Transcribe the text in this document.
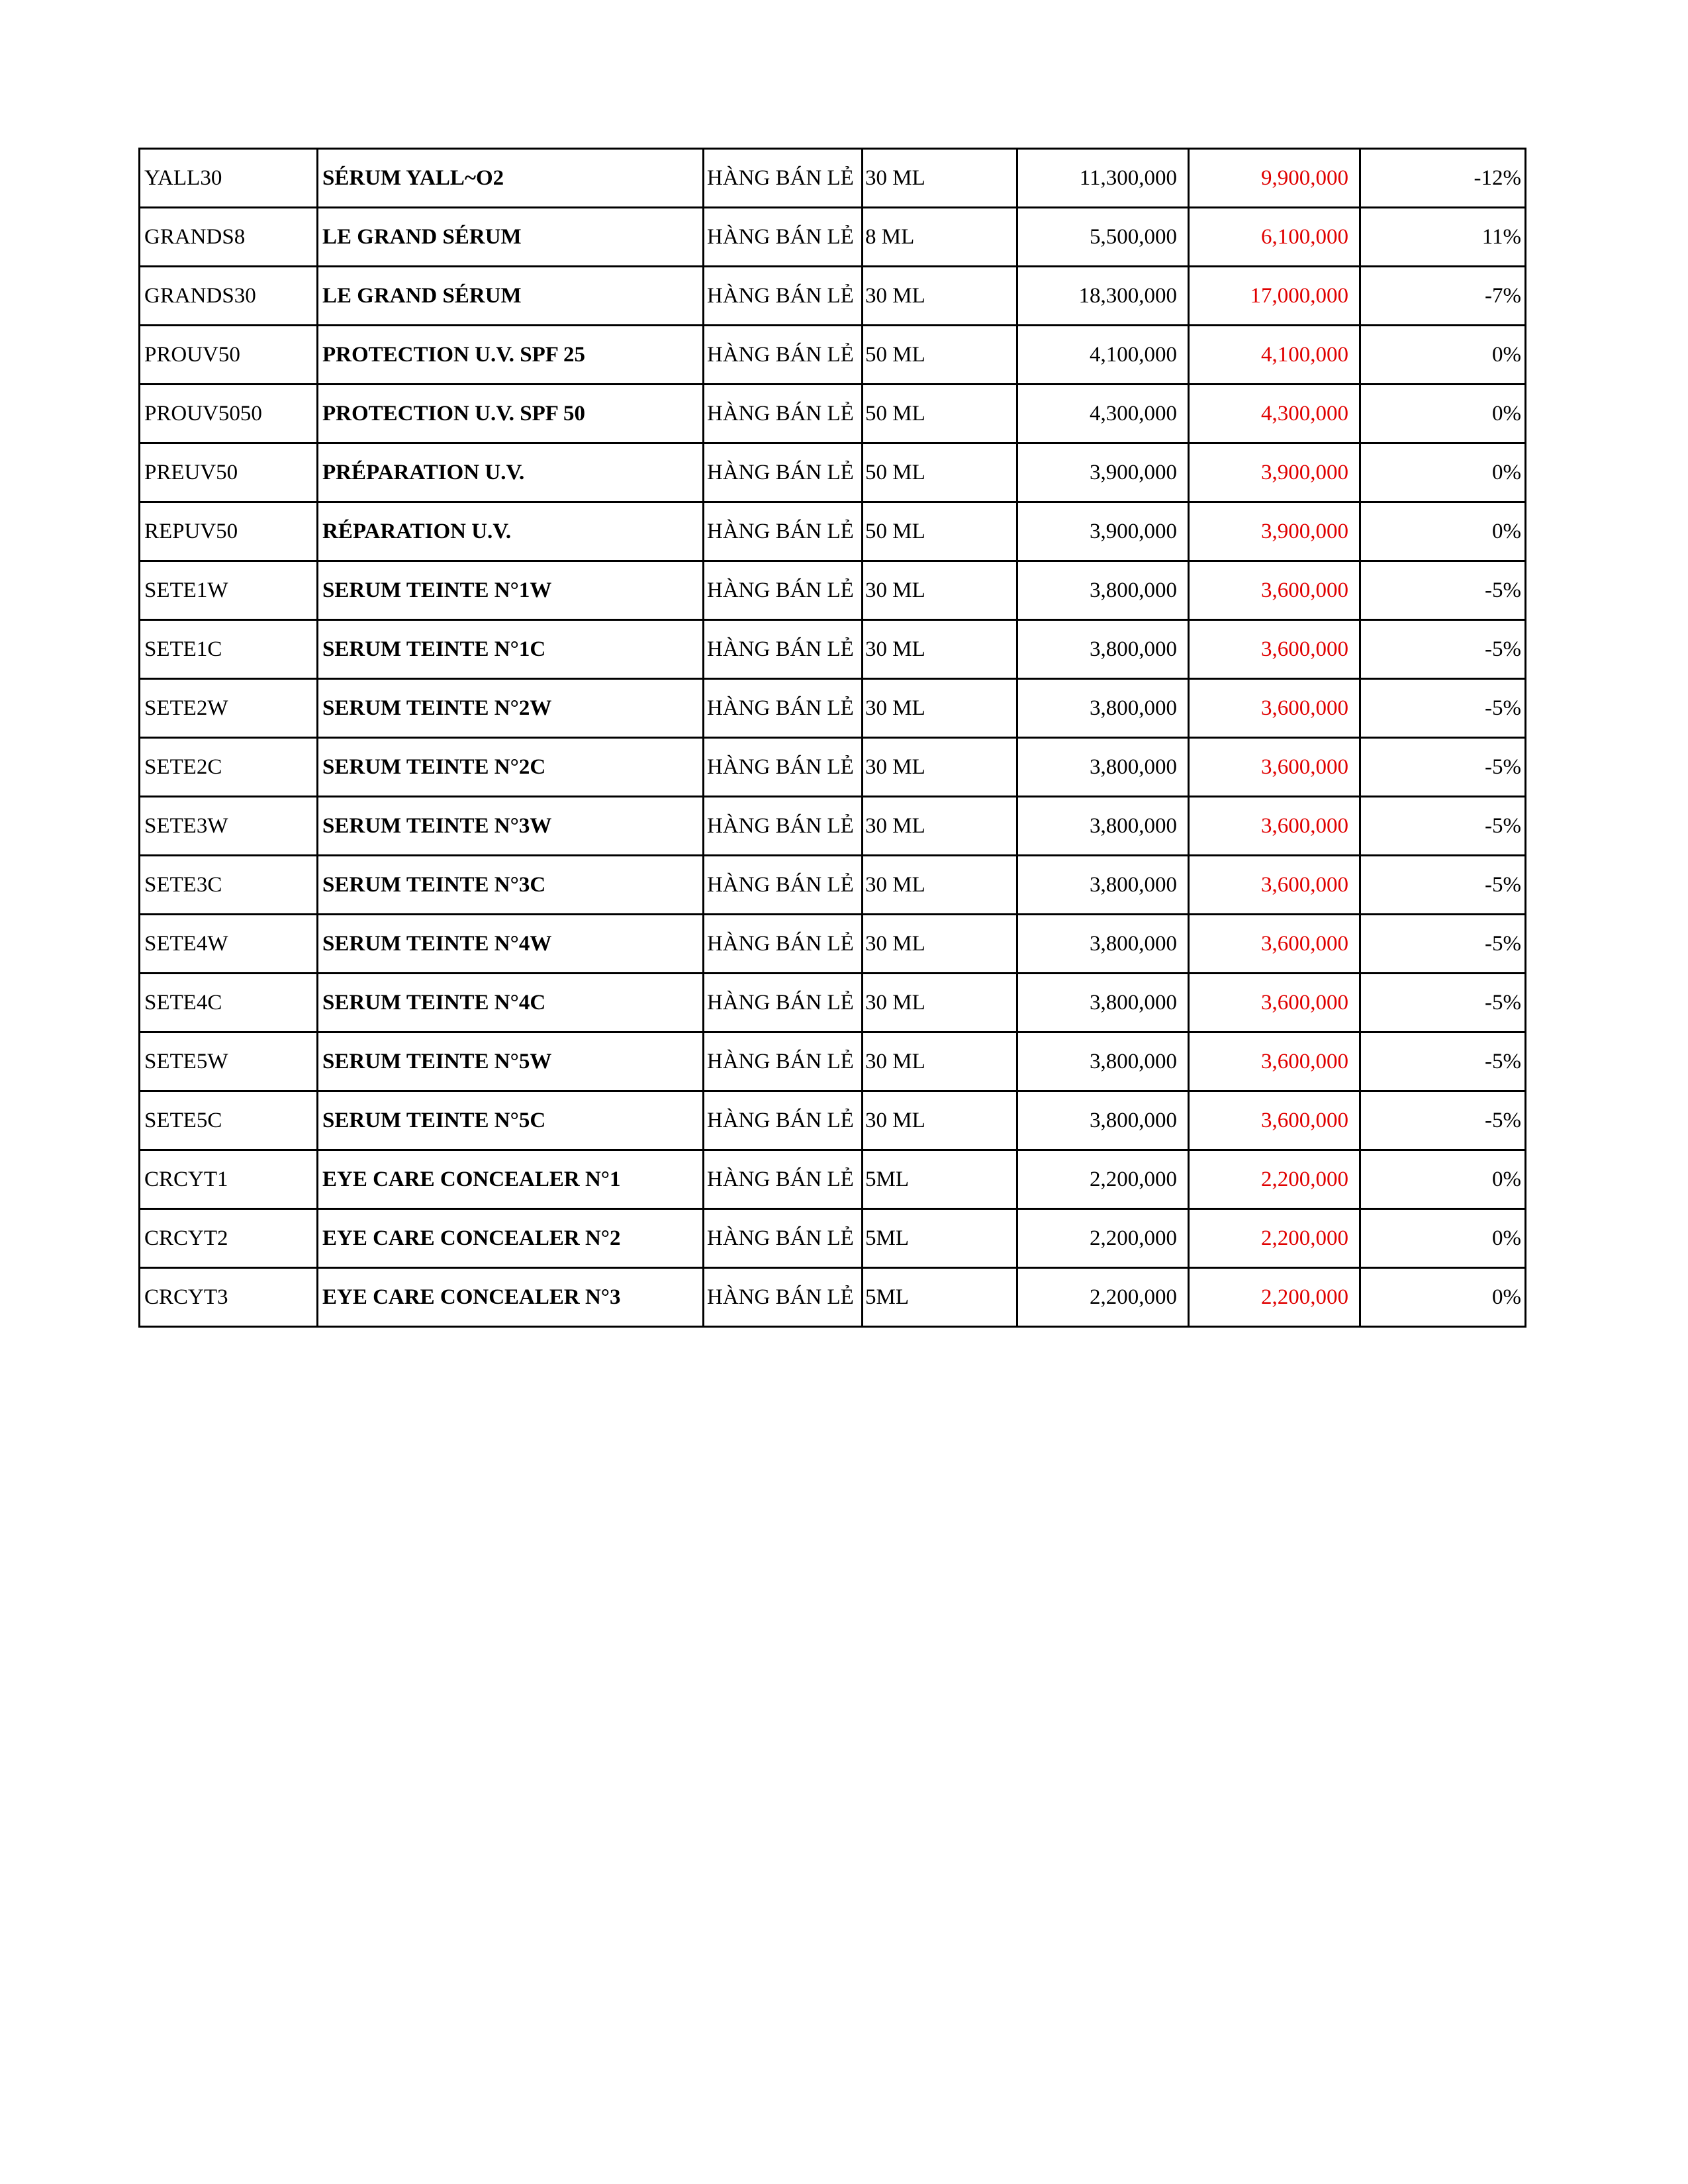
YALL30	SÉRUM YALL~O2	HÀNG BÁN LẺ	30 ML	11,300,000	9,900,000	-12%
GRANDS8	LE GRAND SÉRUM	HÀNG BÁN LẺ	8 ML	5,500,000	6,100,000	11%
GRANDS30	LE GRAND SÉRUM	HÀNG BÁN LẺ	30 ML	18,300,000	17,000,000	-7%
PROUV50	PROTECTION U.V. SPF 25	HÀNG BÁN LẺ	50 ML	4,100,000	4,100,000	0%
PROUV5050	PROTECTION U.V. SPF 50	HÀNG BÁN LẺ	50 ML	4,300,000	4,300,000	0%
PREUV50	PRÉPARATION U.V.	HÀNG BÁN LẺ	50 ML	3,900,000	3,900,000	0%
REPUV50	RÉPARATION U.V.	HÀNG BÁN LẺ	50 ML	3,900,000	3,900,000	0%
SETE1W	SERUM TEINTE N°1W	HÀNG BÁN LẺ	30 ML	3,800,000	3,600,000	-5%
SETE1C	SERUM TEINTE N°1C	HÀNG BÁN LẺ	30 ML	3,800,000	3,600,000	-5%
SETE2W	SERUM TEINTE N°2W	HÀNG BÁN LẺ	30 ML	3,800,000	3,600,000	-5%
SETE2C	SERUM TEINTE N°2C	HÀNG BÁN LẺ	30 ML	3,800,000	3,600,000	-5%
SETE3W	SERUM TEINTE N°3W	HÀNG BÁN LẺ	30 ML	3,800,000	3,600,000	-5%
SETE3C	SERUM TEINTE N°3C	HÀNG BÁN LẺ	30 ML	3,800,000	3,600,000	-5%
SETE4W	SERUM TEINTE N°4W	HÀNG BÁN LẺ	30 ML	3,800,000	3,600,000	-5%
SETE4C	SERUM TEINTE N°4C	HÀNG BÁN LẺ	30 ML	3,800,000	3,600,000	-5%
SETE5W	SERUM TEINTE N°5W	HÀNG BÁN LẺ	30 ML	3,800,000	3,600,000	-5%
SETE5C	SERUM TEINTE N°5C	HÀNG BÁN LẺ	30 ML	3,800,000	3,600,000	-5%
CRCYT1	EYE CARE CONCEALER N°1	HÀNG BÁN LẺ	5ML	2,200,000	2,200,000	0%
CRCYT2	EYE CARE CONCEALER N°2	HÀNG BÁN LẺ	5ML	2,200,000	2,200,000	0%
CRCYT3	EYE CARE CONCEALER N°3	HÀNG BÁN LẺ	5ML	2,200,000	2,200,000	0%
